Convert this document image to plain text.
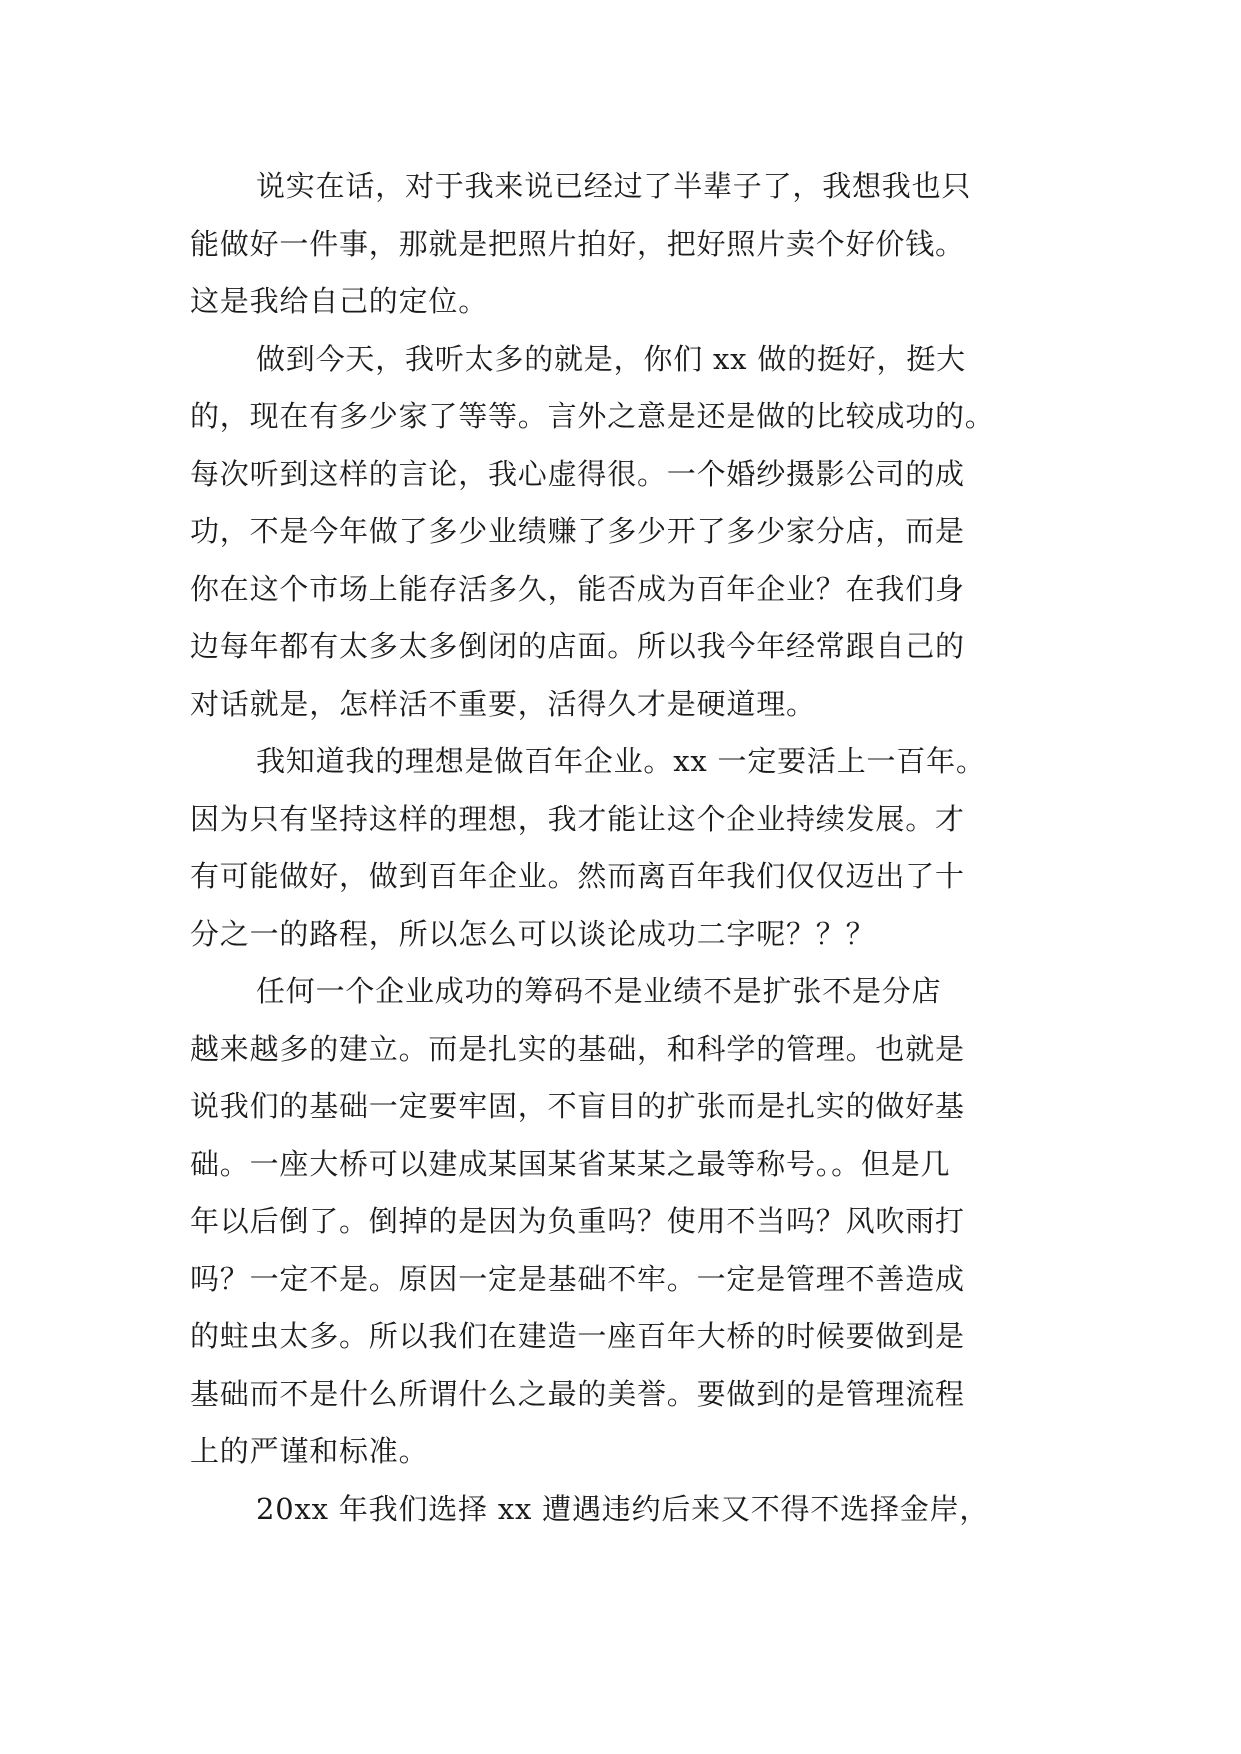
说实在话，对于我来说已经过了半辈子了，我想我也只
能做好一件事，那就是把照片拍好，把好照片卖个好价钱。
这是我给自己的定位。
做到今天，我听太多的就是，你们 xx 做的挺好，挺大
的，现在有多少家了等等。言外之意是还是做的比较成功的。
每次听到这样的言论，我心虚得很。一个婚纱摄影公司的成
功，不是今年做了多少业绩赚了多少开了多少家分店，而是
你在这个市场上能存活多久，能否成为百年企业？在我们身
边每年都有太多太多倒闭的店面。所以我今年经常跟自己的
对话就是，怎样活不重要，活得久才是硬道理。
我知道我的理想是做百年企业。xx 一定要活上一百年。
因为只有坚持这样的理想，我才能让这个企业持续发展。才
有可能做好，做到百年企业。然而离百年我们仅仅迈出了十
分之一的路程，所以怎么可以谈论成功二字呢？？？
任何一个企业成功的筹码不是业绩不是扩张不是分店
越来越多的建立。而是扎实的基础，和科学的管理。也就是
说我们的基础一定要牢固，不盲目的扩张而是扎实的做好基
础。一座大桥可以建成某国某省某某之最等称号。。但是几
年以后倒了。倒掉的是因为负重吗？使用不当吗？风吹雨打
吗？一定不是。原因一定是基础不牢。一定是管理不善造成
的蛀虫太多。所以我们在建造一座百年大桥的时候要做到是
基础而不是什么所谓什么之最的美誉。要做到的是管理流程
上的严谨和标准。
20xx 年我们选择 xx 遭遇违约后来又不得不选择金岸，
